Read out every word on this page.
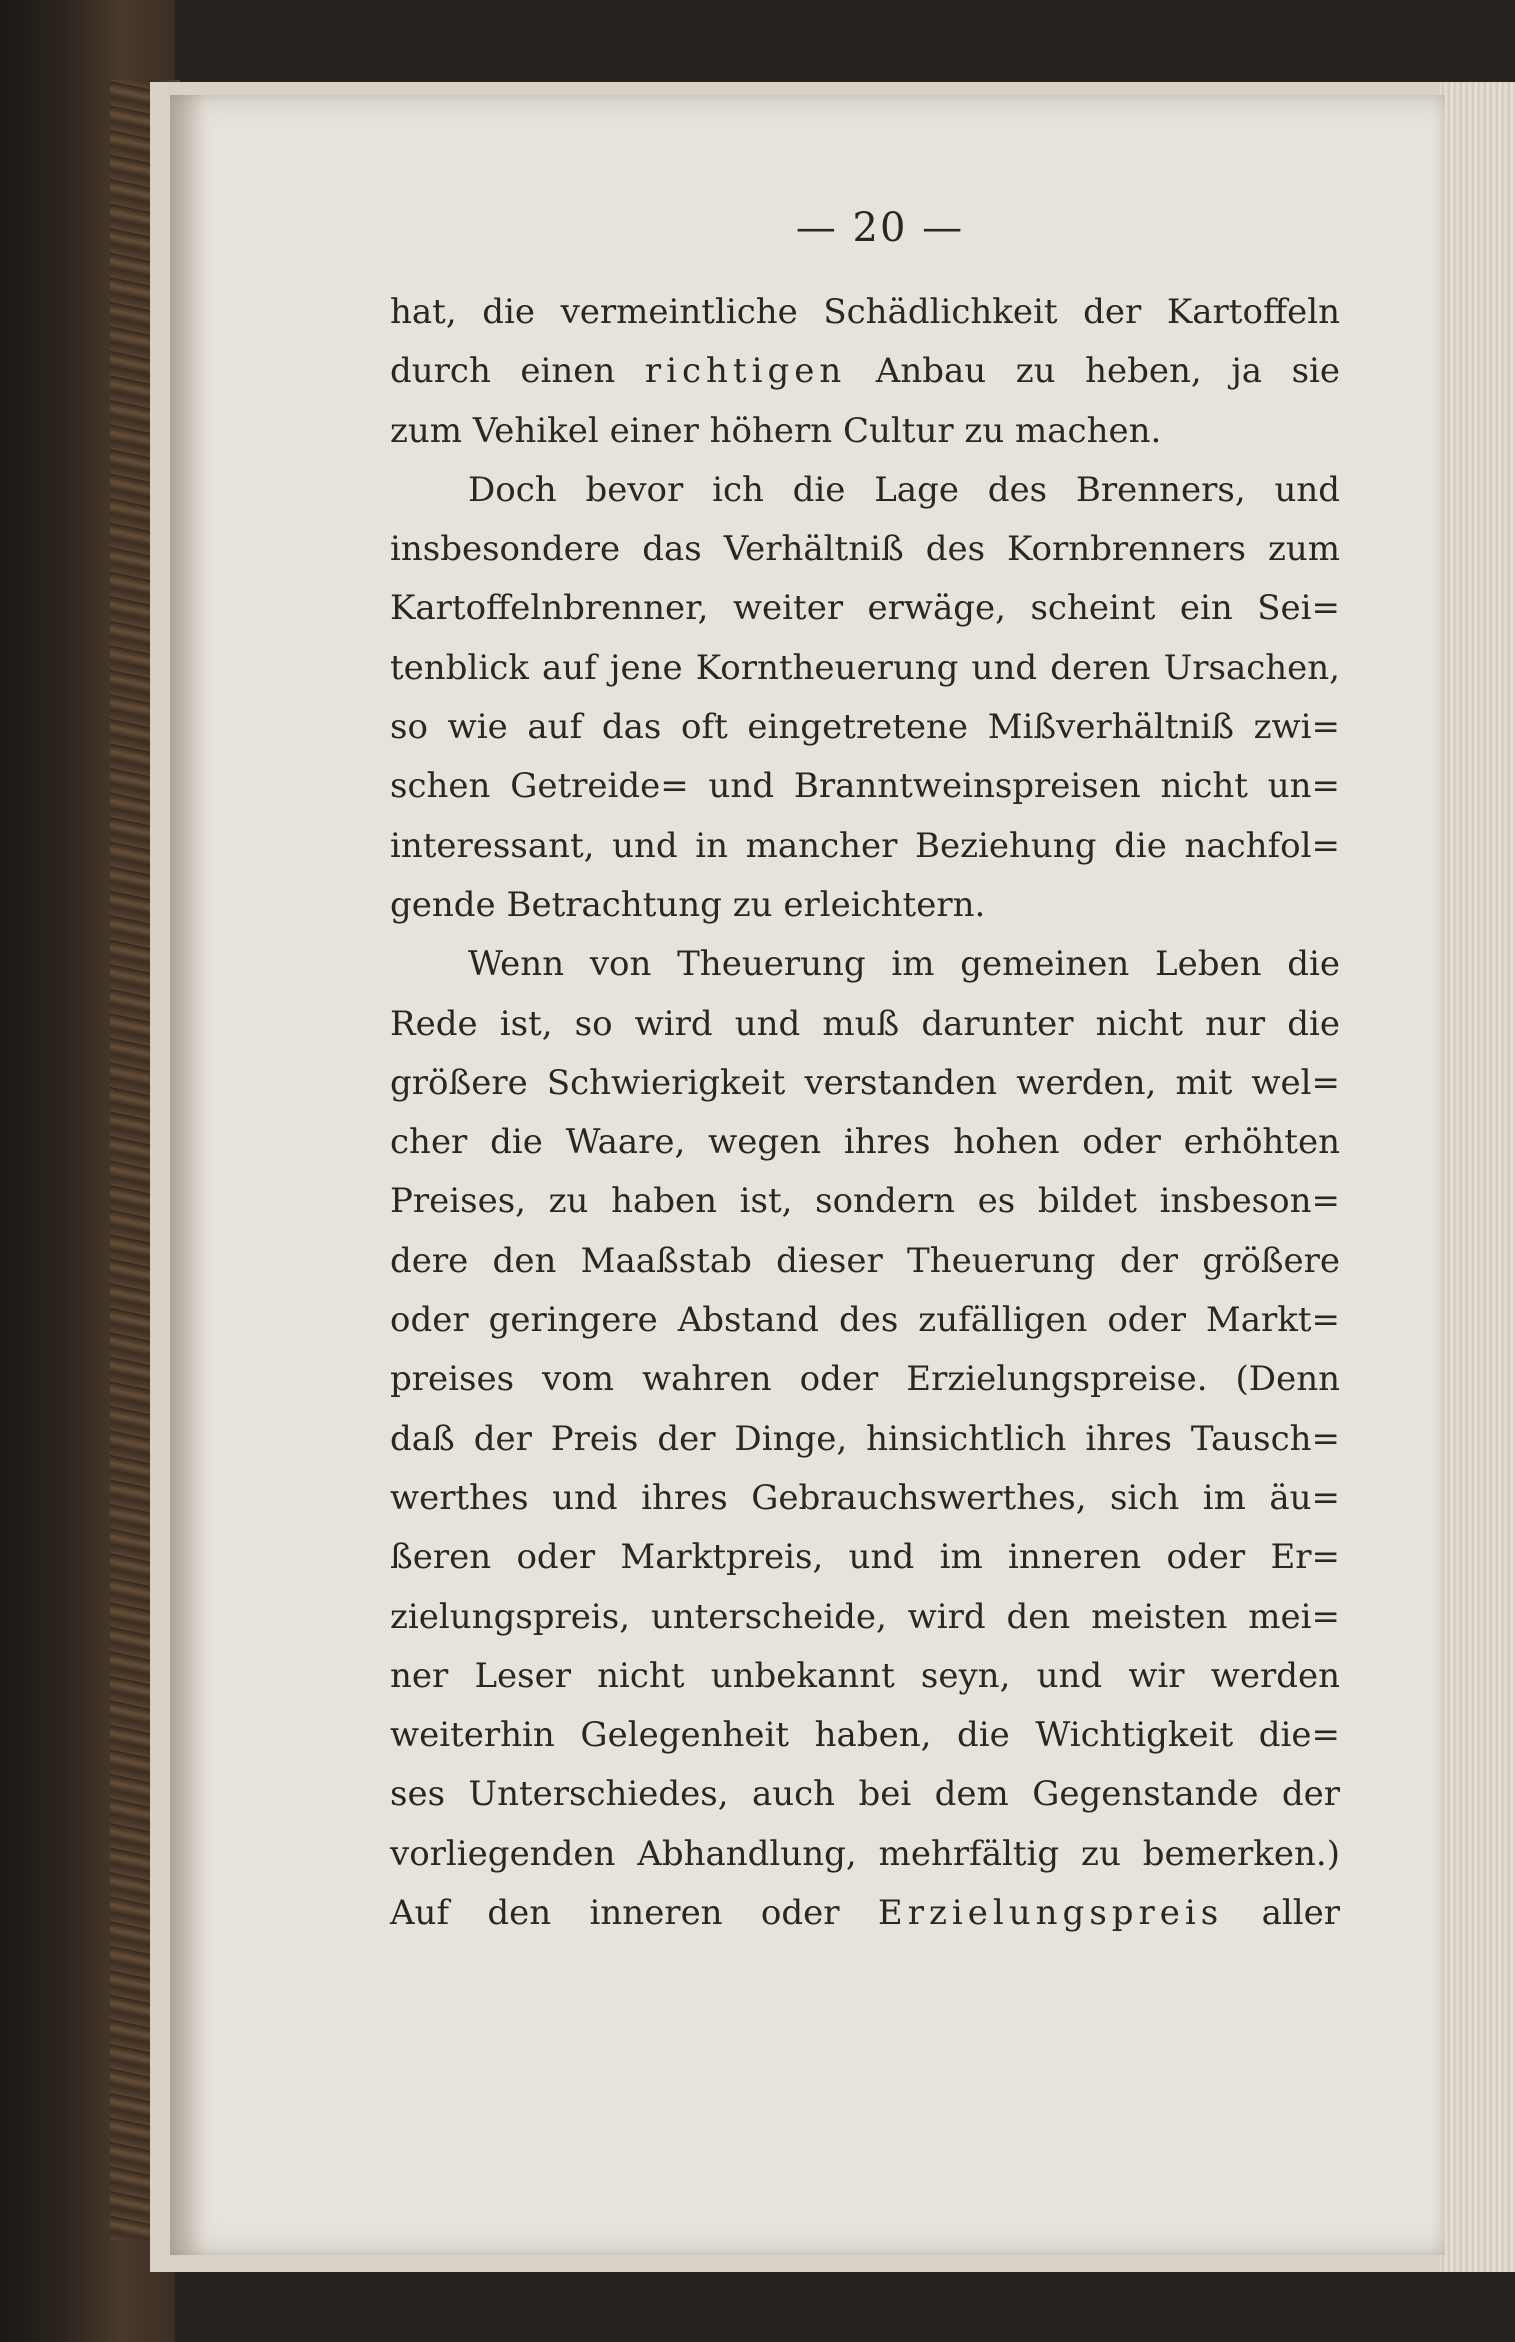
— 20 —
hat, die vermeintliche Schädlichkeit der Kartoffeln
durch einen richtigen Anbau zu heben, ja sie
zum Vehikel einer höhern Cultur zu machen.
Doch bevor ich die Lage des Brenners, und
insbesondere das Verhältniß des Kornbrenners zum
Kartoffelnbrenner, weiter erwäge, scheint ein Sei=
tenblick auf jene Korntheuerung und deren Ursachen,
so wie auf das oft eingetretene Mißverhältniß zwi=
schen Getreide= und Branntweinspreisen nicht un=
interessant, und in mancher Beziehung die nachfol=
gende Betrachtung zu erleichtern.
Wenn von Theuerung im gemeinen Leben die
Rede ist, so wird und muß darunter nicht nur die
größere Schwierigkeit verstanden werden, mit wel=
cher die Waare, wegen ihres hohen oder erhöhten
Preises, zu haben ist, sondern es bildet insbeson=
dere den Maaßstab dieser Theuerung der größere
oder geringere Abstand des zufälligen oder Markt=
preises vom wahren oder Erzielungspreise. (Denn
daß der Preis der Dinge, hinsichtlich ihres Tausch=
werthes und ihres Gebrauchswerthes, sich im äu=
ßeren oder Marktpreis, und im inneren oder Er=
zielungspreis, unterscheide, wird den meisten mei=
ner Leser nicht unbekannt seyn, und wir werden
weiterhin Gelegenheit haben, die Wichtigkeit die=
ses Unterschiedes, auch bei dem Gegenstande der
vorliegenden Abhandlung, mehrfältig zu bemerken.)
Auf den inneren oder Erzielungspreis aller
